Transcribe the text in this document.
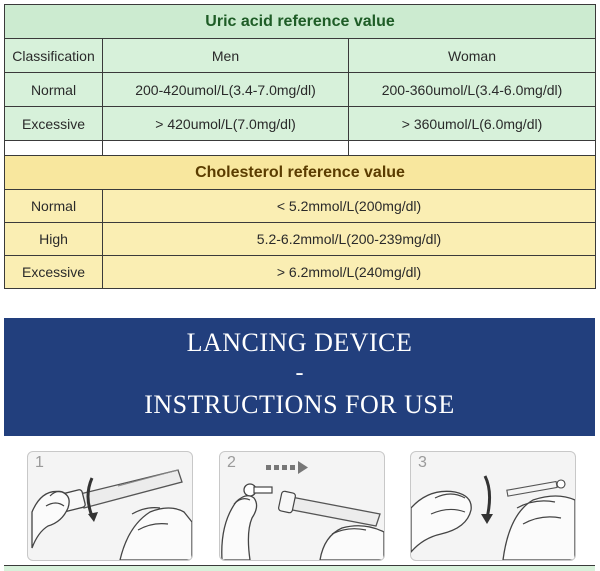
Uric acid reference value		
Classification	Men	Woman
Normal	200-420umol/L(3.4-7.0mg/dl)	200-360umol/L(3.4-6.0mg/dl)
Excessive	> 420umol/L(7.0mg/dl)	> 360umol/L(6.0mg/dl)

Cholesterol reference value		
Normal	< 5.2mmol/L(200mg/dl)	
High	5.2-6.2mmol/L(200-239mg/dl)	
Excessive	> 6.2mmol/L(240mg/dl)	
LANCING DEVICE
-
INSTRUCTIONS FOR USE
1	2	3
